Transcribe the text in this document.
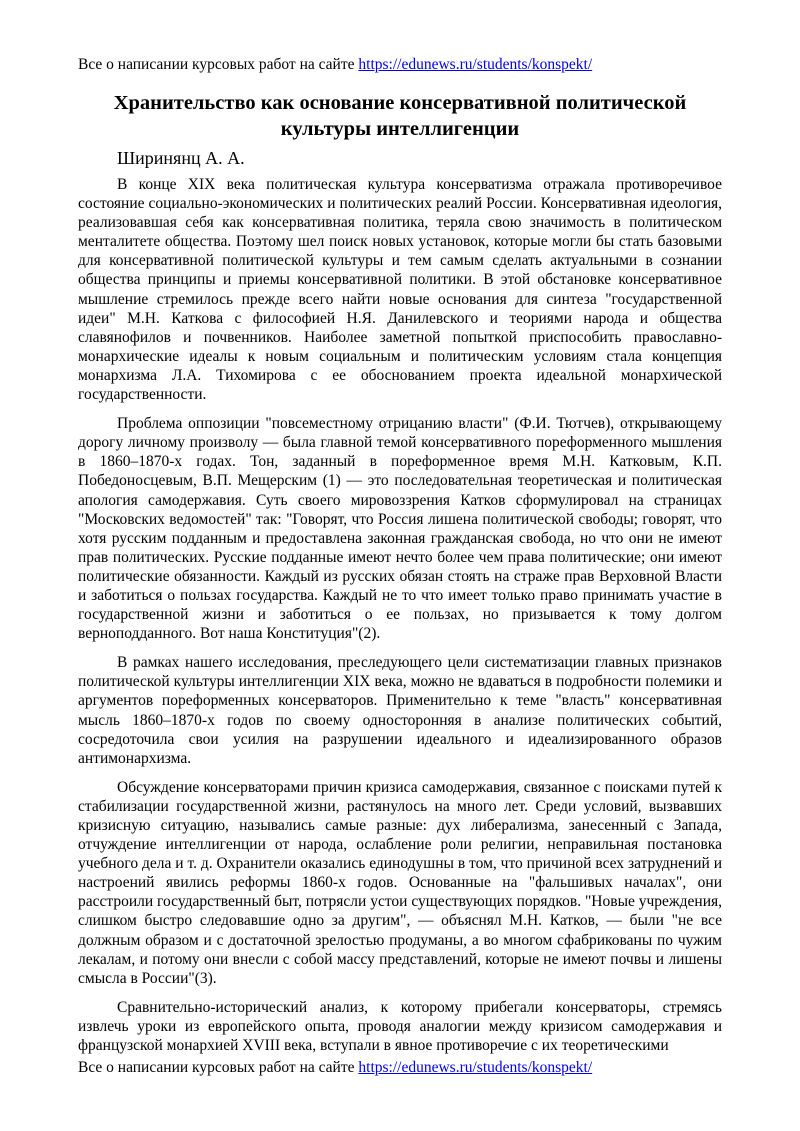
Все о написании курсовых работ на сайте https://edunews.ru/students/konspekt/
Хранительство как основание консервативной политической культуры интеллигенции
Ширинянц А. А.

В конце XIX века политическая культура консерватизма отражала противоречивое состояние социально-экономических и политических реалий России. Консервативная идеология, реализовавшая себя как консервативная политика, теряла свою значимость в политическом менталитете общества. Поэтому шел поиск новых установок, которые могли бы стать базовыми для консервативной политической культуры и тем самым сделать актуальными в сознании общества принципы и приемы консервативной политики. В этой обстановке консервативное мышление стремилось прежде всего найти новые основания для синтеза "государственной идеи" М.Н. Каткова с философией Н.Я. Данилевского и теориями народа и общества славянофилов и почвенников. Наиболее заметной попыткой приспособить православно-монархические идеалы к новым социальным и политическим условиям стала концепция монархизма Л.А. Тихомирова с ее обоснованием проекта идеальной монархической государственности.

Проблема оппозиции "повсеместному отрицанию власти" (Ф.И. Тютчев), открывающему дорогу личному произволу — была главной темой консервативного пореформенного мышления в 1860–1870-х годах. Тон, заданный в пореформенное время М.Н. Катковым, К.П. Победоносцевым, В.П. Мещерским (1) — это последовательная теоретическая и политическая апология самодержавия. Суть своего мировоззрения Катков сформулировал на страницах "Московских ведомостей" так: "Говорят, что Россия лишена политической свободы; говорят, что хотя русским подданным и предоставлена законная гражданская свобода, но что они не имеют прав политических. Русские подданные имеют нечто более чем права политические; они имеют политические обязанности. Каждый из русских обязан стоять на страже прав Верховной Власти и заботиться о пользах государства. Каждый не то что имеет только право принимать участие в государственной жизни и заботиться о ее пользах, но призывается к тому долгом верноподданного. Вот наша Конституция"(2).

В рамках нашего исследования, преследующего цели систематизации главных признаков политической культуры интеллигенции XIX века, можно не вдаваться в подробности полемики и аргументов пореформенных консерваторов. Применительно к теме "власть" консервативная мысль 1860–1870-х годов по своему односторонняя в анализе политических событий, сосредоточила свои усилия на разрушении идеального и идеализированного образов антимонархизма.

Обсуждение консерваторами причин кризиса самодержавия, связанное с поисками путей к стабилизации государственной жизни, растянулось на много лет. Среди условий, вызвавших кризисную ситуацию, назывались самые разные: дух либерализма, занесенный с Запада, отчуждение интеллигенции от народа, ослабление роли религии, неправильная постановка учебного дела и т. д. Охранители оказались единодушны в том, что причиной всех затруднений и настроений явились реформы 1860-х годов. Основанные на "фальшивых началах", они расстроили государственный быт, потрясли устои существующих порядков. "Новые учреждения, слишком быстро следовавшие одно за другим", — объяснял М.Н. Катков, — были "не все должным образом и с достаточной зрелостью продуманы, а во многом сфабрикованы по чужим лекалам, и потому они внесли с собой массу представлений, которые не имеют почвы и лишены смысла в России"(3).

Сравнительно-исторический анализ, к которому прибегали консерваторы, стремясь извлечь уроки из европейского опыта, проводя аналогии между кризисом самодержавия и французской монархией XVIII века, вступали в явное противоречие с их теоретическими

Все о написании курсовых работ на сайте https://edunews.ru/students/konspekt/
